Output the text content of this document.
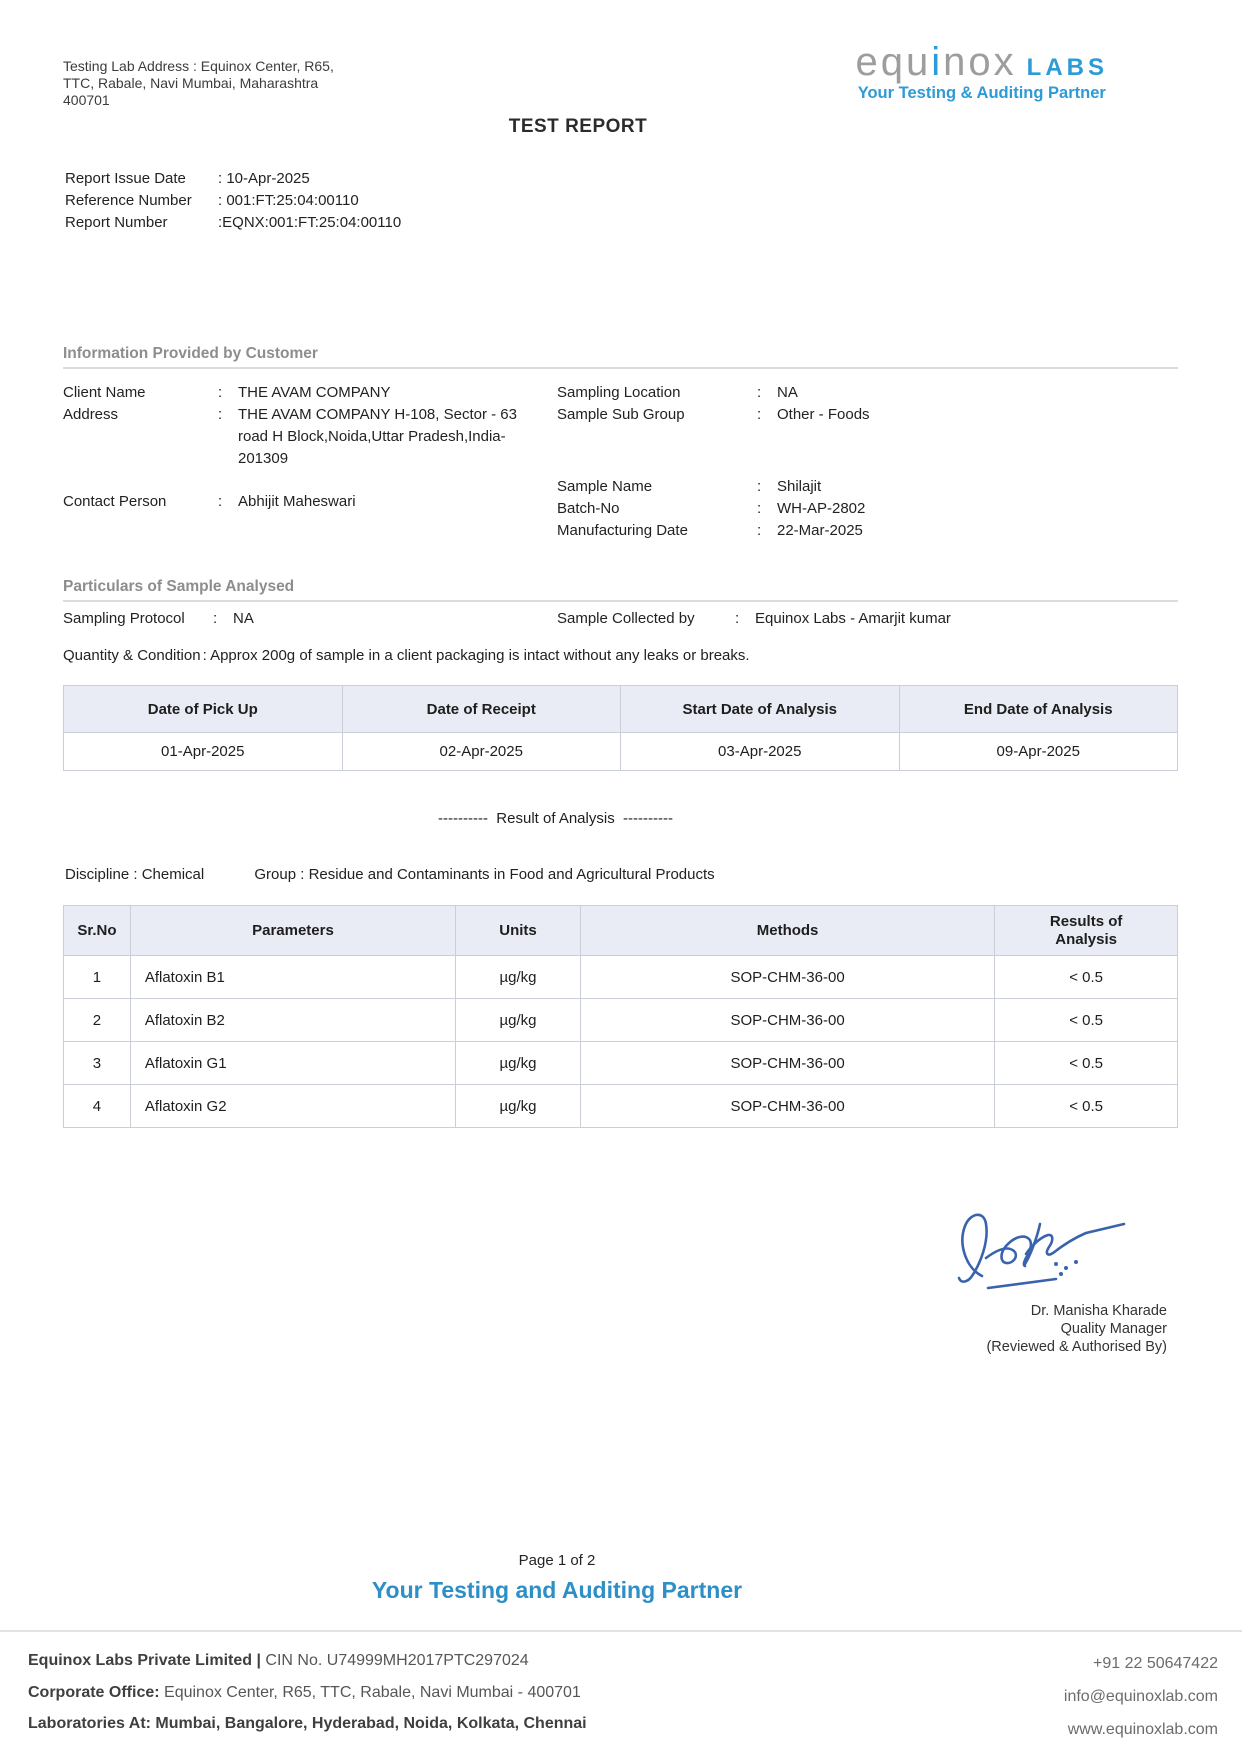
Testing Lab Address : Equinox Center, R65,
TTC, Rabale, Navi Mumbai, Maharashtra
400701
equinox LABS
Your Testing & Auditing Partner
TEST REPORT
Report Issue Date	: 10-Apr-2025
Reference Number	: 001:FT:25:04:00110
Report Number	:EQNX:001:FT:25:04:00110
Information Provided by Customer
Client Name	:	THE AVAM COMPANY
Address	:	THE AVAM COMPANY H-108, Sector - 63 road H Block,Noida,Uttar Pradesh,India- 201309
Contact Person	:	Abhijit Maheswari
Sampling Location	:	NA
Sample Sub Group	:	Other - Foods
Sample Name	:	Shilajit
Batch-No	:	WH-AP-2802
Manufacturing Date	:	22-Mar-2025
Particulars of Sample Analysed
Sampling Protocol	:	NA	Sample Collected by	:	Equinox Labs - Amarjit kumar
Quantity & Condition : Approx 200g of sample in a client packaging is intact without any leaks or breaks.
Date of Pick Up	Date of Receipt	Start Date of Analysis	End Date of Analysis
01-Apr-2025	02-Apr-2025	03-Apr-2025	09-Apr-2025
----------  Result of Analysis  ----------
Discipline : Chemical	Group : Residue and Contaminants in Food and Agricultural Products
Sr.No	Parameters	Units	Methods	Results of Analysis
1	Aflatoxin B1	µg/kg	SOP-CHM-36-00	< 0.5
2	Aflatoxin B2	µg/kg	SOP-CHM-36-00	< 0.5
3	Aflatoxin G1	µg/kg	SOP-CHM-36-00	< 0.5
4	Aflatoxin G2	µg/kg	SOP-CHM-36-00	< 0.5
Dr. Manisha Kharade
Quality Manager
(Reviewed & Authorised By)
Page 1 of 2
Your Testing and Auditing Partner
Equinox Labs Private Limited | CIN No. U74999MH2017PTC297024
Corporate Office: Equinox Center, R65, TTC, Rabale, Navi Mumbai - 400701
Laboratories At: Mumbai, Bangalore, Hyderabad, Noida, Kolkata, Chennai
+91 22 50647422
info@equinoxlab.com
www.equinoxlab.com
